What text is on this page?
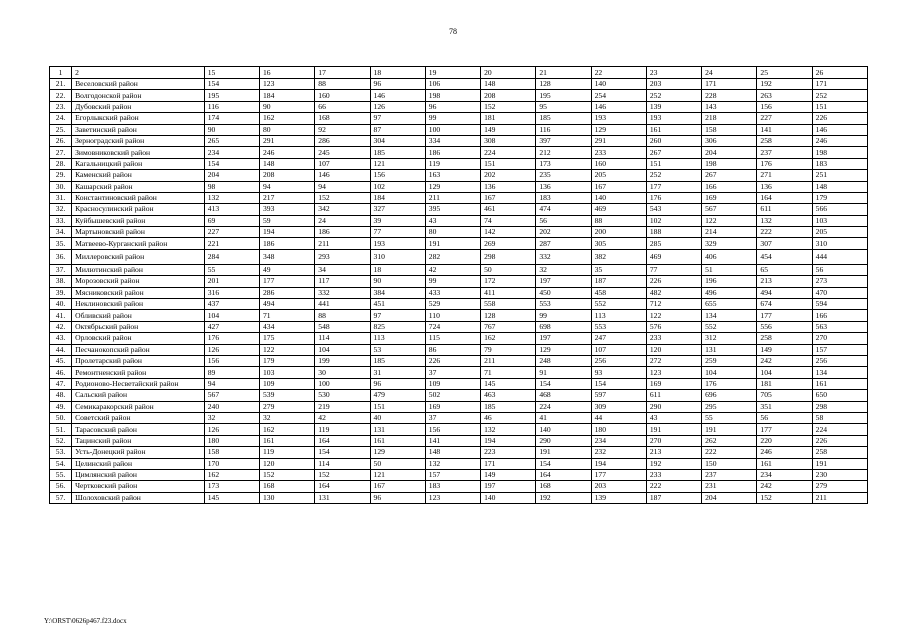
78
1	2	15	16	17	18	19	20	21	22	23	24	25	26
21.	Веселовский район	154	123	88	96	106	148	128	140	203	171	192	171
22.	Волгодонской район	195	184	160	146	198	208	195	254	252	228	263	252
23.	Дубовский район	116	90	66	126	96	152	95	146	139	143	156	151
24.	Егорлыкский район	174	162	168	97	99	181	185	193	193	218	227	226
25.	Заветинский район	90	80	92	87	100	149	116	129	161	158	141	146
26.	Зерноградский район	265	291	286	304	334	308	397	291	260	306	258	246
27.	Зимовниковский район	234	246	245	185	186	224	212	233	267	204	237	198
28.	Кагальницкий район	154	148	107	121	119	151	173	160	151	198	176	183
29.	Каменский район	204	208	146	156	163	202	235	205	252	267	271	251
30.	Кашарский район	98	94	94	102	129	136	136	167	177	166	136	148
31.	Константиновский район	132	217	152	184	211	167	183	140	176	169	164	179
32.	Красносулинский район	413	393	342	327	395	461	474	469	543	567	611	566
33.	Куйбышевский район	69	59	24	39	43	74	56	88	102	122	132	103
34.	Мартыновский район	227	194	186	77	80	142	202	200	188	214	222	205
35.	Матвеево-Курганский район	221	186	211	193	191	269	287	305	285	329	307	310
36.	Миллеровский район	284	348	293	310	282	298	332	382	469	406	454	444
37.	Милютинский район	55	49	34	18	42	50	32	35	77	51	65	56
38.	Морозовский район	201	177	117	90	99	172	197	187	226	196	213	273
39.	Мясниковский район	316	286	332	384	433	411	450	458	482	496	494	470
40.	Неклиновский район	437	494	441	451	529	558	553	552	712	655	674	594
41.	Обливский район	104	71	88	97	110	128	99	113	122	134	177	166
42.	Октябрьский район	427	434	548	825	724	767	698	553	576	552	556	563
43.	Орловский район	176	175	114	113	115	162	197	247	233	312	258	270
44.	Песчанокопский район	126	122	104	53	86	79	129	107	120	131	149	157
45.	Пролетарский район	156	179	199	185	226	211	248	256	272	259	242	256
46.	Ремонтненский район	89	103	30	31	37	71	91	93	123	104	104	134
47.	Родионово-Несветайский район	94	109	100	96	109	145	154	154	169	176	181	161
48.	Сальский район	567	539	530	479	502	463	468	597	611	696	705	650
49.	Семикаракорский район	240	279	219	151	169	185	224	309	290	295	351	298
50.	Советский район	32	32	42	40	37	46	41	44	43	55	56	58
51.	Тарасовский район	126	162	119	131	156	132	140	180	191	191	177	224
52.	Тацинский район	180	161	164	161	141	194	290	234	270	262	220	226
53.	Усть-Донецкий район	158	119	154	129	148	223	191	232	213	222	246	258
54.	Целинский район	170	120	114	50	132	171	154	194	192	150	161	191
55.	Цимлянский район	162	152	152	121	157	149	164	177	233	237	234	230
56.	Чертковский район	173	168	164	167	183	197	168	203	222	231	242	279
57.	Шолоховский район	145	130	131	96	123	140	192	139	187	204	152	211
Y:\ORST\0626p467.f23.docx
